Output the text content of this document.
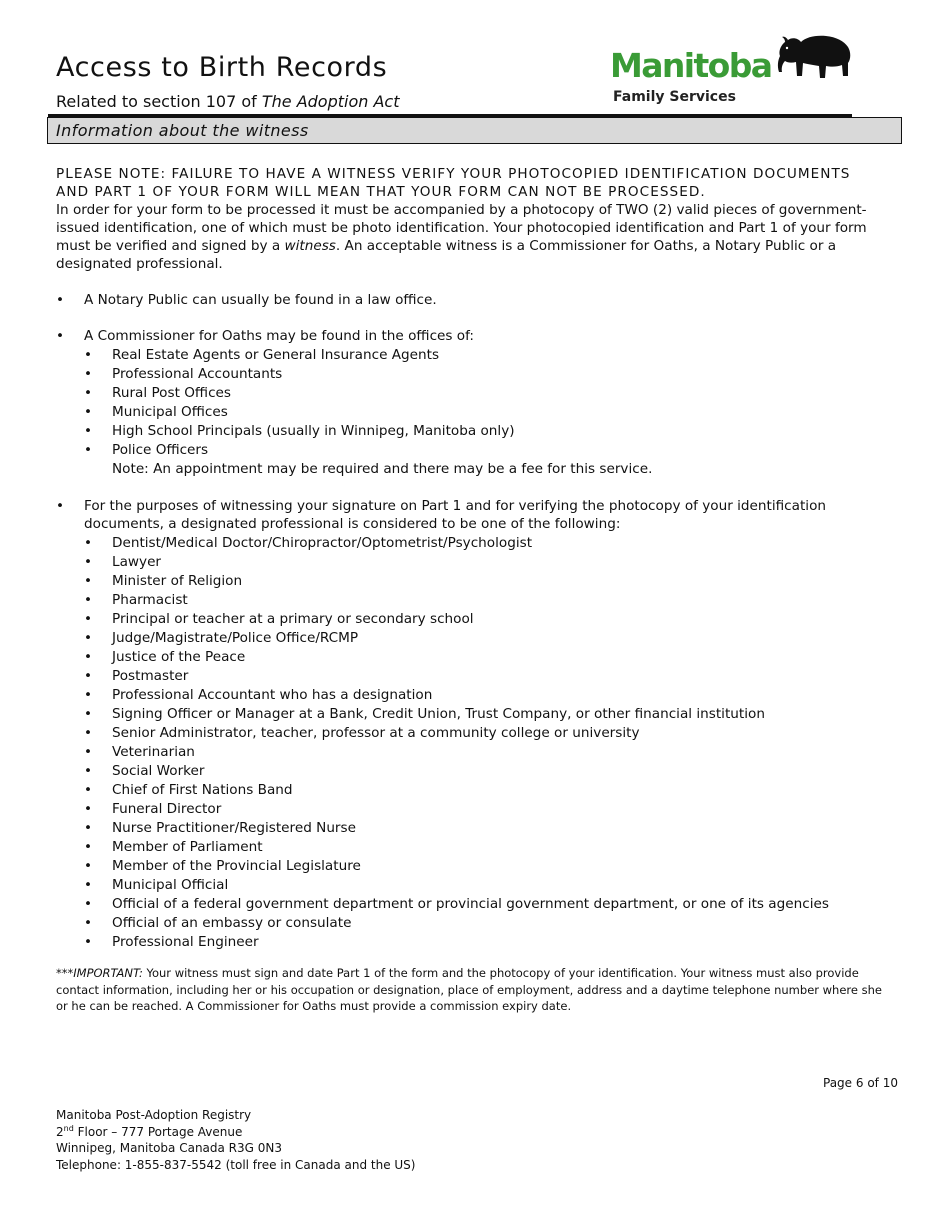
Access to Birth Records

Related to section 107 of The Adoption Act

Manitoba
Family Services
Information about the witness

PLEASE NOTE: FAILURE TO HAVE A WITNESS VERIFY YOUR PHOTOCOPIED IDENTIFICATION DOCUMENTS AND PART 1 OF YOUR FORM WILL MEAN THAT YOUR FORM CAN NOT BE PROCESSED.

In order for your form to be processed it must be accompanied by a photocopy of TWO (2) valid pieces of government-issued identification, one of which must be photo identification. Your photocopied identification and Part 1 of your form must be verified and signed by a witness. An acceptable witness is a Commissioner for Oaths, a Notary Public or a designated professional.

• A Notary Public can usually be found in a law office.
• A Commissioner for Oaths may be found in the offices of:
• Real Estate Agents or General Insurance Agents
• Professional Accountants
• Rural Post Offices
• Municipal Offices
• High School Principals (usually in Winnipeg, Manitoba only)
• Police Officers
Note: An appointment may be required and there may be a fee for this service.
• For the purposes of witnessing your signature on Part 1 and for verifying the photocopy of your identification documents, a designated professional is considered to be one of the following:
• Dentist/Medical Doctor/Chiropractor/Optometrist/Psychologist
• Lawyer
• Minister of Religion
• Pharmacist
• Principal or teacher at a primary or secondary school
• Judge/Magistrate/Police Office/RCMP
• Justice of the Peace
• Postmaster
• Professional Accountant who has a designation
• Signing Officer or Manager at a Bank, Credit Union, Trust Company, or other financial institution
• Senior Administrator, teacher, professor at a community college or university
• Veterinarian
• Social Worker
• Chief of First Nations Band
• Funeral Director
• Nurse Practitioner/Registered Nurse
• Member of Parliament
• Member of the Provincial Legislature
• Municipal Official
• Official of a federal government department or provincial government department, or one of its agencies
• Official of an embassy or consulate
• Professional Engineer

***IMPORTANT: Your witness must sign and date Part 1 of the form and the photocopy of your identification. Your witness must also provide contact information, including her or his occupation or designation, place of employment, address and a daytime telephone number where she or he can be reached. A Commissioner for Oaths must provide a commission expiry date.

Page 6 of 10
Manitoba Post-Adoption Registry
2nd Floor – 777 Portage Avenue
Winnipeg, Manitoba Canada R3G 0N3
Telephone: 1-855-837-5542 (toll free in Canada and the US)
